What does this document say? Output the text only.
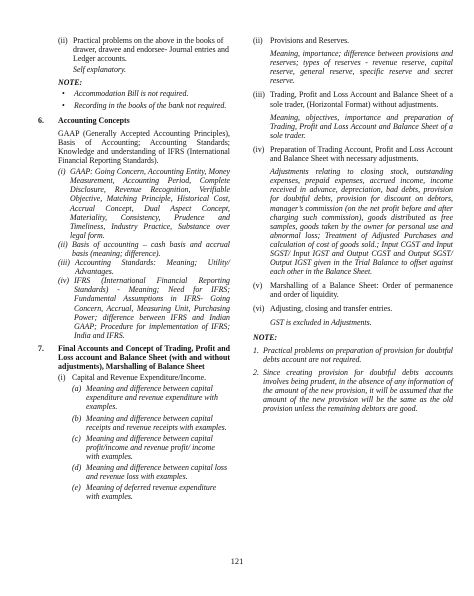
(ii) Practical problems on the above in the books of drawer, drawee and endorsee- Journal entries and Ledger accounts.

Self explanatory.

NOTE:

•	Accommodation Bill is not required.
•	Recording in the books of the bank not required.
6.	Accounting Concepts

GAAP (Generally Accepted Accounting Principles), Basis of Accounting; Accounting Standards; Knowledge and understanding of IFRS (International Financial Reporting Standards).

(i) GAAP: Going Concern, Accounting Entity, Money Measurement, Accounting Period, Complete Disclosure, Revenue Recognition, Verifiable Objective, Matching Principle, Historical Cost, Accrual Concept, Dual Aspect Concept, Materiality, Consistency, Prudence and Timeliness, Industry Practice, Substance over legal form.
(ii) Basis of accounting – cash basis and accrual basis (meaning; difference).
(iii) Accounting Standards: Meaning; Utility/ Advantages.
(iv) IFRS (International Financial Reporting Standards) - Meaning; Need for IFRS; Fundamental Assumptions in IFRS- Going Concern, Accrual, Measuring Unit, Purchasing Power; difference between IFRS and Indian GAAP; Procedure for implementation of IFRS; India and IFRS.
7.	Final Accounts and Concept of Trading, Profit and Loss account and Balance Sheet (with and without adjustments), Marshalling of Balance Sheet
(i) Capital and Revenue Expenditure/Income.
(a) Meaning and difference between capital expenditure and revenue expenditure with examples.
(b) Meaning and difference between capital receipts and revenue receipts with examples.
(c) Meaning and difference between capital profit/income and revenue profit/ income with examples.
(d) Meaning and difference between capital loss and revenue loss with examples.
(e) Meaning of deferred revenue expenditure with examples.
(ii) Provisions and Reserves.

Meaning, importance; difference between provisions and reserves; types of reserves - revenue reserve, capital reserve, general reserve, specific reserve and secret reserve.

(iii) Trading, Profit and Loss Account and Balance Sheet of a sole trader, (Horizontal Format) without adjustments.

Meaning, objectives, importance and preparation of Trading, Profit and Loss Account and Balance Sheet of a sole trader.

(iv) Preparation of Trading Account, Profit and Loss Account and Balance Sheet with necessary adjustments.

Adjustments relating to closing stock, outstanding expenses, prepaid expenses, accrued income, income received in advance, depreciation, bad debts, provision for doubtful debts, provision for discount on debtors, manager’s commission (on the net profit before and after charging such commission), goods distributed as free samples, goods taken by the owner for personal use and abnormal loss; Treatment of Adjusted Purchases and calculation of cost of goods sold.; Input CGST and Input SGST/ Input IGST and Output CGST and Output SGST/ Output IGST given in the Trial Balance to offset against each other in the Balance Sheet.

(v) Marshalling of a Balance Sheet: Order of permanence and order of liquidity.
(vi) Adjusting, closing and transfer entries.

GST is excluded in Adjustments.

NOTE:

1. Practical problems on preparation of provision for doubtful debts account are not required.
2. Since creating provision for doubtful debts accounts involves being prudent, in the absence of any information of the amount of the new provision, it will be assumed that the amount of the new provision will be the same as the old provision unless the remaining debtors are good.
121
